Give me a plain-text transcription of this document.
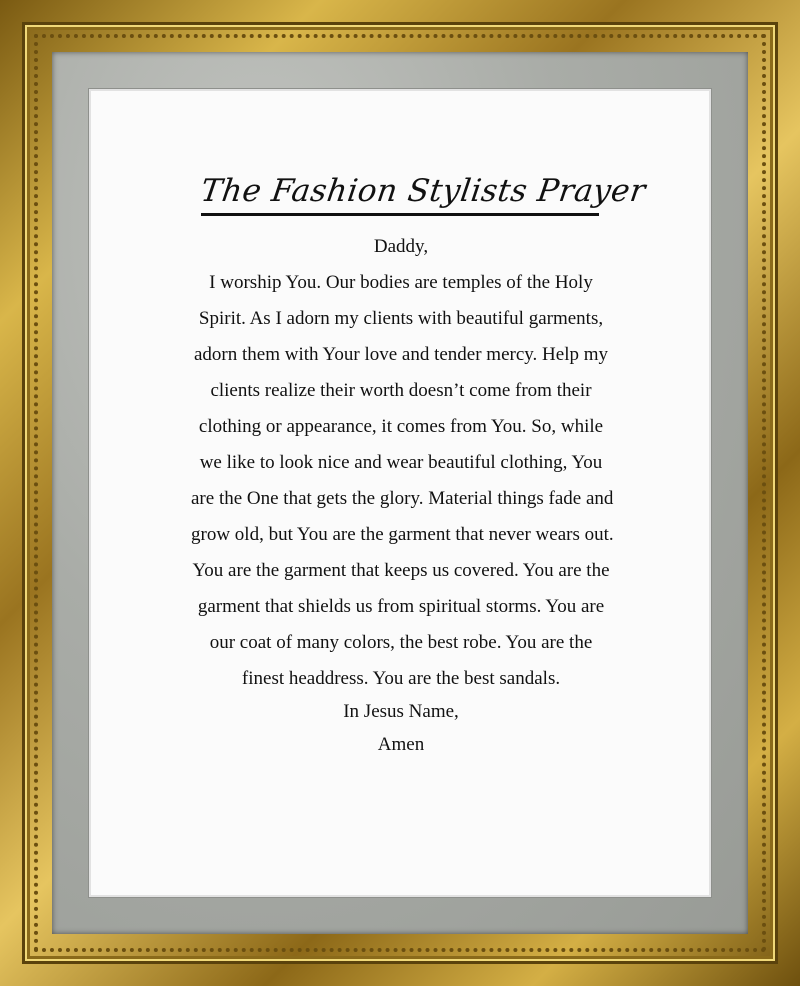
The Fashion Stylists Prayer
Daddy,
I worship You. Our bodies are temples of the Holy
Spirit. As I adorn my clients with beautiful garments,
adorn them with Your love and tender mercy. Help my
clients realize their worth doesn’t come from their
clothing or appearance, it comes from You. So, while
we like to look nice and wear beautiful clothing, You
are the One that gets the glory. Material things fade and
grow old, but You are the garment that never wears out.
You are the garment that keeps us covered. You are the
garment that shields us from spiritual storms. You are
our coat of many colors, the best robe. You are the
finest headdress. You are the best sandals.
In Jesus Name,
Amen
